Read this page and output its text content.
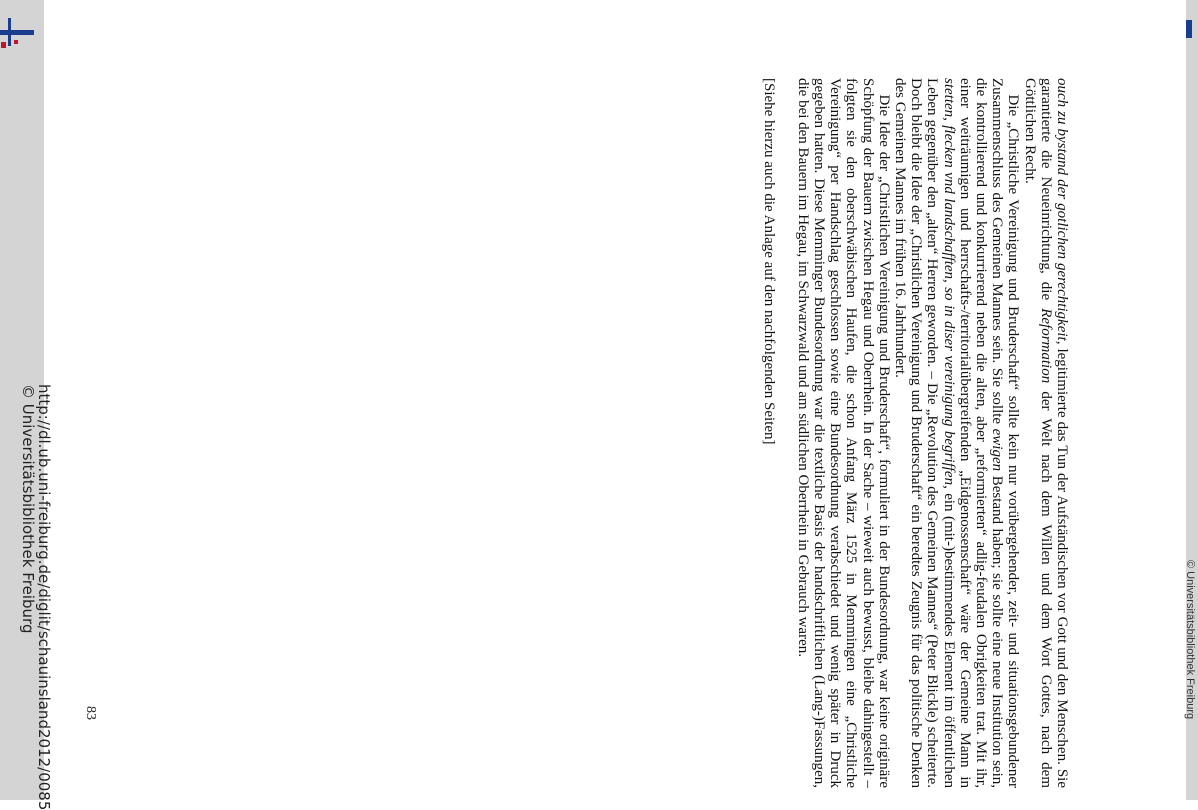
http://dl.ub.uni-freiburg.de/diglit/schauinsland2012/0085
© Universitätsbibliothek Freiburg
© Universitätsbibliothek Freiburg

ouch zu bystand der gotlichen gerechtigkeit, legitimierte das Tun der Aufständischen vor Gott und den Menschen. Sie garantierte die Neueinrichtung, die Reformation der Welt nach dem Willen und dem Wort Gottes, nach dem Göttlichen Recht.

Die „Christliche Vereinigung und Bruderschaft“ sollte kein nur vorübergehender, zeit- und situationsgebundener Zusammenschluss des Gemeinen Mannes sein. Sie sollte ewigen Bestand haben; sie sollte eine neue Institution sein, die kontrollierend und konkurrierend neben die alten, aber „reformierten“ adlig-feudalen Obrigkeiten trat. Mit ihr, einer weiträumigen und herrschafts-/territorialübergreifenden „Eidgenossenschaft“ wäre der Gemeine Mann in stetten, flecken vnd landschafften, so in diser vereinigung begriffen, ein (mit-)bestimmendes Element im öffentlichen Leben gegenüber den „alten“ Herren geworden. – Die „Revolution des Gemeinen Mannes“ (Peter Blickle) scheiterte. Doch bleibt die Idee der „Christlichen Vereinigung und Bruderschaft“ ein beredtes Zeugnis für das politische Denken des Gemeinen Mannes im frühen 16. Jahrhundert.

Die Idee der „Christlichen Vereinigung und Bruderschaft“, formuliert in der Bundesordnung, war keine originäre Schöpfung der Bauern zwischen Hegau und Oberrhein. In der Sache – wieweit auch bewusst, bleibe dahingestellt – folgten sie den oberschwäbischen Haufen, die schon Anfang März 1525 in Memmingen eine „Christliche Vereinigung“ per Handschlag geschlossen sowie eine Bundesordnung verabschiedet und wenig später in Druck gegeben hatten. Diese Memminger Bundesordnung war die textliche Basis der handschriftlichen (Lang-)Fassungen, die bei den Bauern im Hegau, im Schwarzwald und am südlichen Oberrhein in Gebrauch waren.

[Siehe hierzu auch die Anlage auf den nachfolgenden Seiten]

83
